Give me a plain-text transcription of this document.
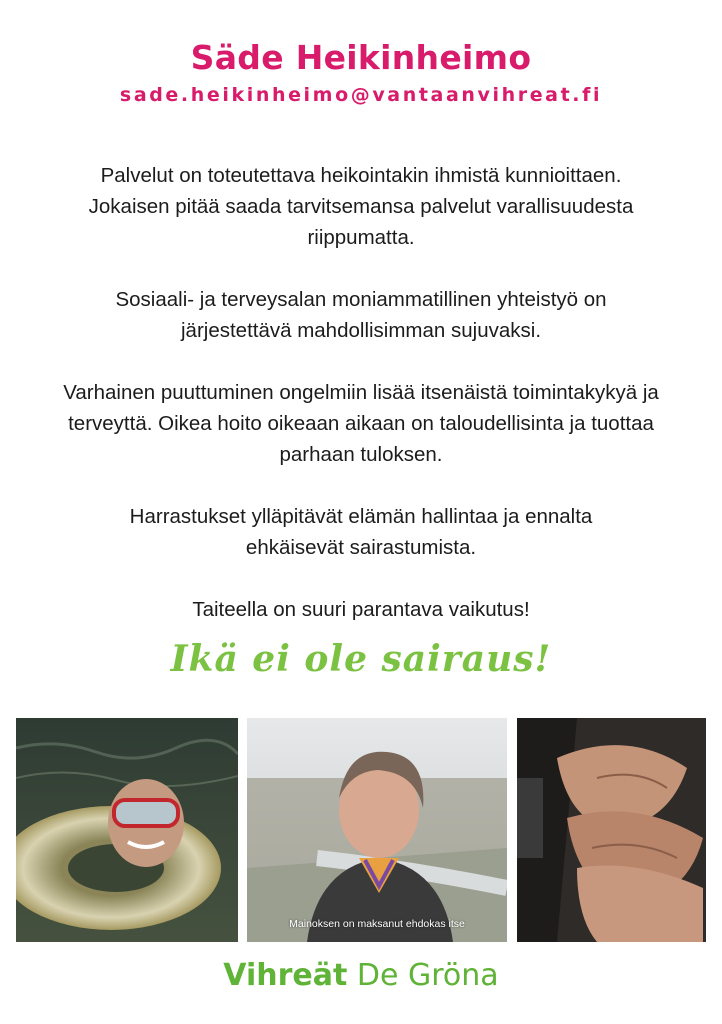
Säde Heikinheimo
sade.heikinheimo@vantaanvihreat.fi

Palvelut on toteutettava heikointakin ihmistä kunnioittaen. Jokaisen pitää saada tarvitsemansa palvelut varallisuudesta riippumatta.

Sosiaali- ja terveysalan moniammatillinen yhteistyö on järjestettävä mahdollisimman sujuvaksi.

Varhainen puuttuminen ongelmiin lisää itsenäistä toimintakykyä ja terveyttä. Oikea hoito oikeaan aikaan on taloudellisinta ja tuottaa parhaan tuloksen.

Harrastukset ylläpitävät elämän hallintaa ja ennalta ehkäisevät sairastumista.

Taiteella on suuri parantava vaikutus!

Ikä ei ole sairaus!
Mainoksen on maksanut ehdokas itse
Vihreät De Gröna
